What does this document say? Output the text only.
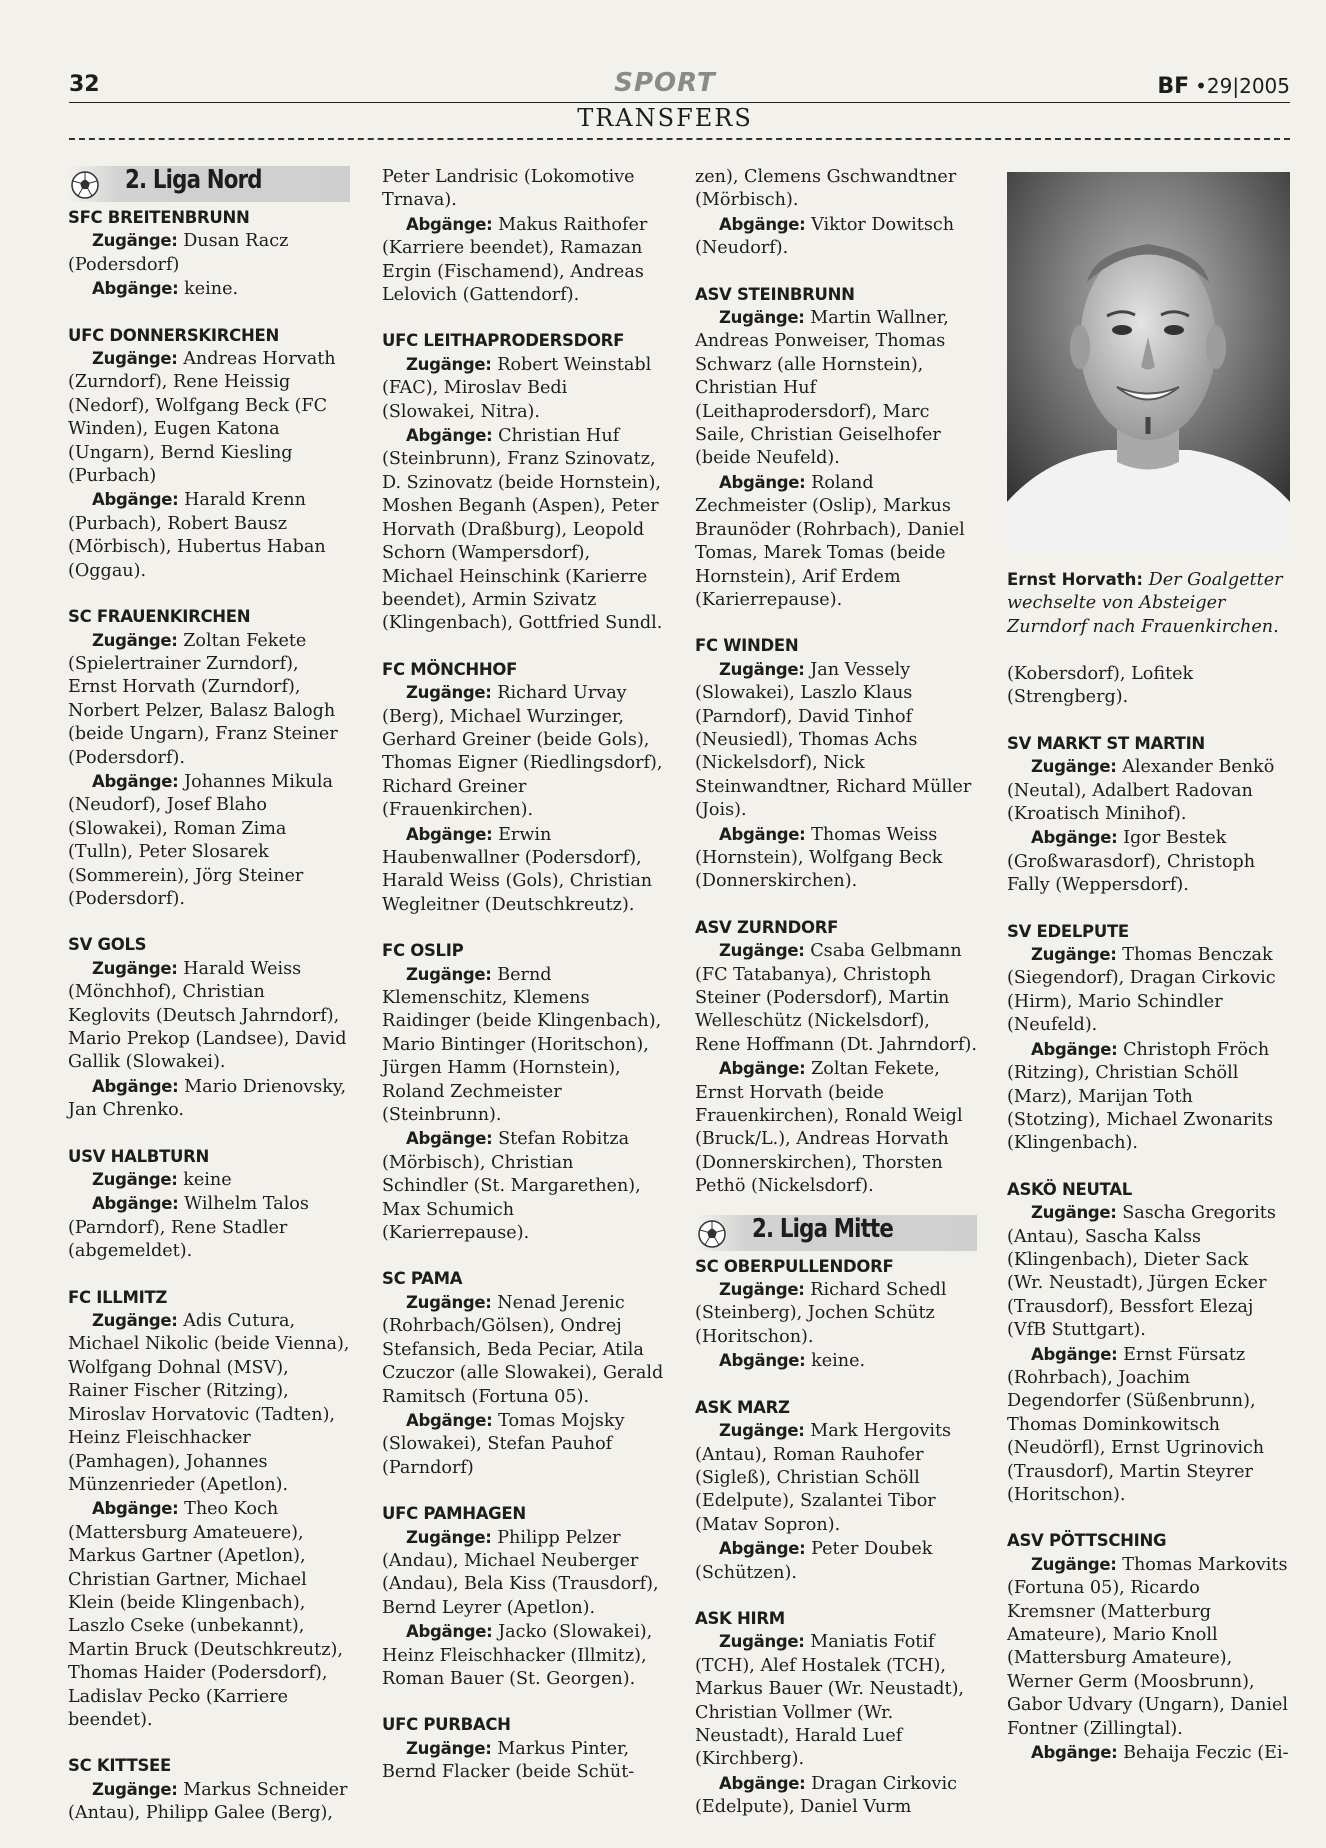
32	SPORT	BF •29|2005
TRANSFERS
2. Liga Nord
SFC BREITENBRUNN
Zugänge: Dusan Racz (Podersdorf)
Abgänge: keine.
UFC DONNERSKIRCHEN
Zugänge: Andreas Horvath (Zurndorf), Rene Heissig (Nedorf), Wolfgang Beck (FC Winden), Eugen Katona (Ungarn), Bernd Kiesling (Purbach)
Abgänge: Harald Krenn (Purbach), Robert Bausz (Mörbisch), Hubertus Haban (Oggau).
SC FRAUENKIRCHEN
Zugänge: Zoltan Fekete (Spielertrainer Zurndorf), Ernst Horvath (Zurndorf), Norbert Pelzer, Balasz Balogh (beide Ungarn), Franz Steiner (Podersdorf).
Abgänge: Johannes Mikula (Neudorf), Josef Blaho (Slowakei), Roman Zima (Tulln), Peter Slosarek (Sommerein), Jörg Steiner (Podersdorf).
SV GOLS
Zugänge: Harald Weiss (Mönchhof), Christian Keglovits (Deutsch Jahrndorf), Mario Prekop (Landsee), David Gallik (Slowakei).
Abgänge: Mario Drienovsky, Jan Chrenko.
USV HALBTURN
Zugänge: keine
Abgänge: Wilhelm Talos (Parndorf), Rene Stadler (abgemeldet).
FC ILLMITZ
Zugänge: Adis Cutura, Michael Nikolic (beide Vienna), Wolfgang Dohnal (MSV), Rainer Fischer (Ritzing), Miroslav Horvatovic (Tadten), Heinz Fleischhacker (Pamhagen), Johannes Münzenrieder (Apetlon).
Abgänge: Theo Koch (Mattersburg Amateuere), Markus Gartner (Apetlon), Christian Gartner, Michael Klein (beide Klingenbach), Laszlo Cseke (unbekannt), Martin Bruck (Deutschkreutz), Thomas Haider (Podersdorf), Ladislav Pecko (Karriere beendet).
SC KITTSEE
Zugänge: Markus Schneider (Antau), Philipp Galee (Berg),
Peter Landrisic (Lokomotive Trnava).
Abgänge: Makus Raithofer (Karriere beendet), Ramazan Ergin (Fischamend), Andreas Lelovich (Gattendorf).
UFC LEITHAPRODERSDORF
Zugänge: Robert Weinstabl (FAC), Miroslav Bedi (Slowakei, Nitra).
Abgänge: Christian Huf (Steinbrunn), Franz Szinovatz, D. Szinovatz (beide Hornstein), Moshen Beganh (Aspen), Peter Horvath (Draßburg), Leopold Schorn (Wampersdorf), Michael Heinschink (Karierre beendet), Armin Szivatz (Klingenbach), Gottfried Sundl.
FC MÖNCHHOF
Zugänge: Richard Urvay (Berg), Michael Wurzinger, Gerhard Greiner (beide Gols), Thomas Eigner (Riedlingsdorf), Richard Greiner (Frauenkirchen).
Abgänge: Erwin Haubenwallner (Podersdorf), Harald Weiss (Gols), Christian Wegleitner (Deutschkreutz).
FC OSLIP
Zugänge: Bernd Klemenschitz, Klemens Raidinger (beide Klingenbach), Mario Bintinger (Horitschon), Jürgen Hamm (Hornstein), Roland Zechmeister (Steinbrunn).
Abgänge: Stefan Robitza (Mörbisch), Christian Schindler (St. Margarethen), Max Schumich (Karierrepause).
SC PAMA
Zugänge: Nenad Jerenic (Rohrbach/Gölsen), Ondrej Stefansich, Beda Peciar, Atila Czuczor (alle Slowakei), Gerald Ramitsch (Fortuna 05).
Abgänge: Tomas Mojsky (Slowakei), Stefan Pauhof (Parndorf)
UFC PAMHAGEN
Zugänge: Philipp Pelzer (Andau), Michael Neuberger (Andau), Bela Kiss (Trausdorf), Bernd Leyrer (Apetlon).
Abgänge: Jacko (Slowakei), Heinz Fleischhacker (Illmitz), Roman Bauer (St. Georgen).
UFC PURBACH
Zugänge: Markus Pinter, Bernd Flacker (beide Schüt-
zen), Clemens Gschwandtner (Mörbisch).
Abgänge: Viktor Dowitsch (Neudorf).
ASV STEINBRUNN
Zugänge: Martin Wallner, Andreas Ponweiser, Thomas Schwarz (alle Hornstein), Christian Huf (Leithaprodersdorf), Marc Saile, Christian Geiselhofer (beide Neufeld).
Abgänge: Roland Zechmeister (Oslip), Markus Braunöder (Rohrbach), Daniel Tomas, Marek Tomas (beide Hornstein), Arif Erdem (Karierrepause).
FC WINDEN
Zugänge: Jan Vessely (Slowakei), Laszlo Klaus (Parndorf), David Tinhof (Neusiedl), Thomas Achs (Nickelsdorf), Nick Steinwandtner, Richard Müller (Jois).
Abgänge: Thomas Weiss (Hornstein), Wolfgang Beck (Donnerskirchen).
ASV ZURNDORF
Zugänge: Csaba Gelbmann (FC Tatabanya), Christoph Steiner (Podersdorf), Martin Welleschütz (Nickelsdorf), Rene Hoffmann (Dt. Jahrndorf).
Abgänge: Zoltan Fekete, Ernst Horvath (beide Frauenkirchen), Ronald Weigl (Bruck/L.), Andreas Horvath (Donnerskirchen), Thorsten Pethö (Nickelsdorf).
2. Liga Mitte
SC OBERPULLENDORF
Zugänge: Richard Schedl (Steinberg), Jochen Schütz (Horitschon).
Abgänge: keine.
ASK MARZ
Zugänge: Mark Hergovits (Antau), Roman Rauhofer (Sigleß), Christian Schöll (Edelpute), Szalantei Tibor (Matav Sopron).
Abgänge: Peter Doubek (Schützen).
ASK HIRM
Zugänge: Maniatis Fotif (TCH), Alef Hostalek (TCH), Markus Bauer (Wr. Neustadt), Christian Vollmer (Wr. Neustadt), Harald Luef (Kirchberg).
Abgänge: Dragan Cirkovic (Edelpute), Daniel Vurm
Ernst Horvath: Der Goalgetter wechselte von Absteiger Zurndorf nach Frauenkirchen.
(Kobersdorf), Lofitek (Strengberg).
SV MARKT ST MARTIN
Zugänge: Alexander Benkö (Neutal), Adalbert Radovan (Kroatisch Minihof).
Abgänge: Igor Bestek (Großwarasdorf), Christoph Fally (Weppersdorf).
SV EDELPUTE
Zugänge: Thomas Benczak (Siegendorf), Dragan Cirkovic (Hirm), Mario Schindler (Neufeld).
Abgänge: Christoph Fröch (Ritzing), Christian Schöll (Marz), Marijan Toth (Stotzing), Michael Zwonarits (Klingenbach).
ASKÖ NEUTAL
Zugänge: Sascha Gregorits (Antau), Sascha Kalss (Klingenbach), Dieter Sack (Wr. Neustadt), Jürgen Ecker (Trausdorf), Bessfort Elezaj (VfB Stuttgart).
Abgänge: Ernst Fürsatz (Rohrbach), Joachim Degendorfer (Süßenbrunn), Thomas Dominkowitsch (Neudörfl), Ernst Ugrinovich (Trausdorf), Martin Steyrer (Horitschon).
ASV PÖTTSCHING
Zugänge: Thomas Markovits (Fortuna 05), Ricardo Kremsner (Matterburg Amateure), Mario Knoll (Mattersburg Amateure), Werner Germ (Moosbrunn), Gabor Udvary (Ungarn), Daniel Fontner (Zillingtal).
Abgänge: Behaija Feczic (Ei-
